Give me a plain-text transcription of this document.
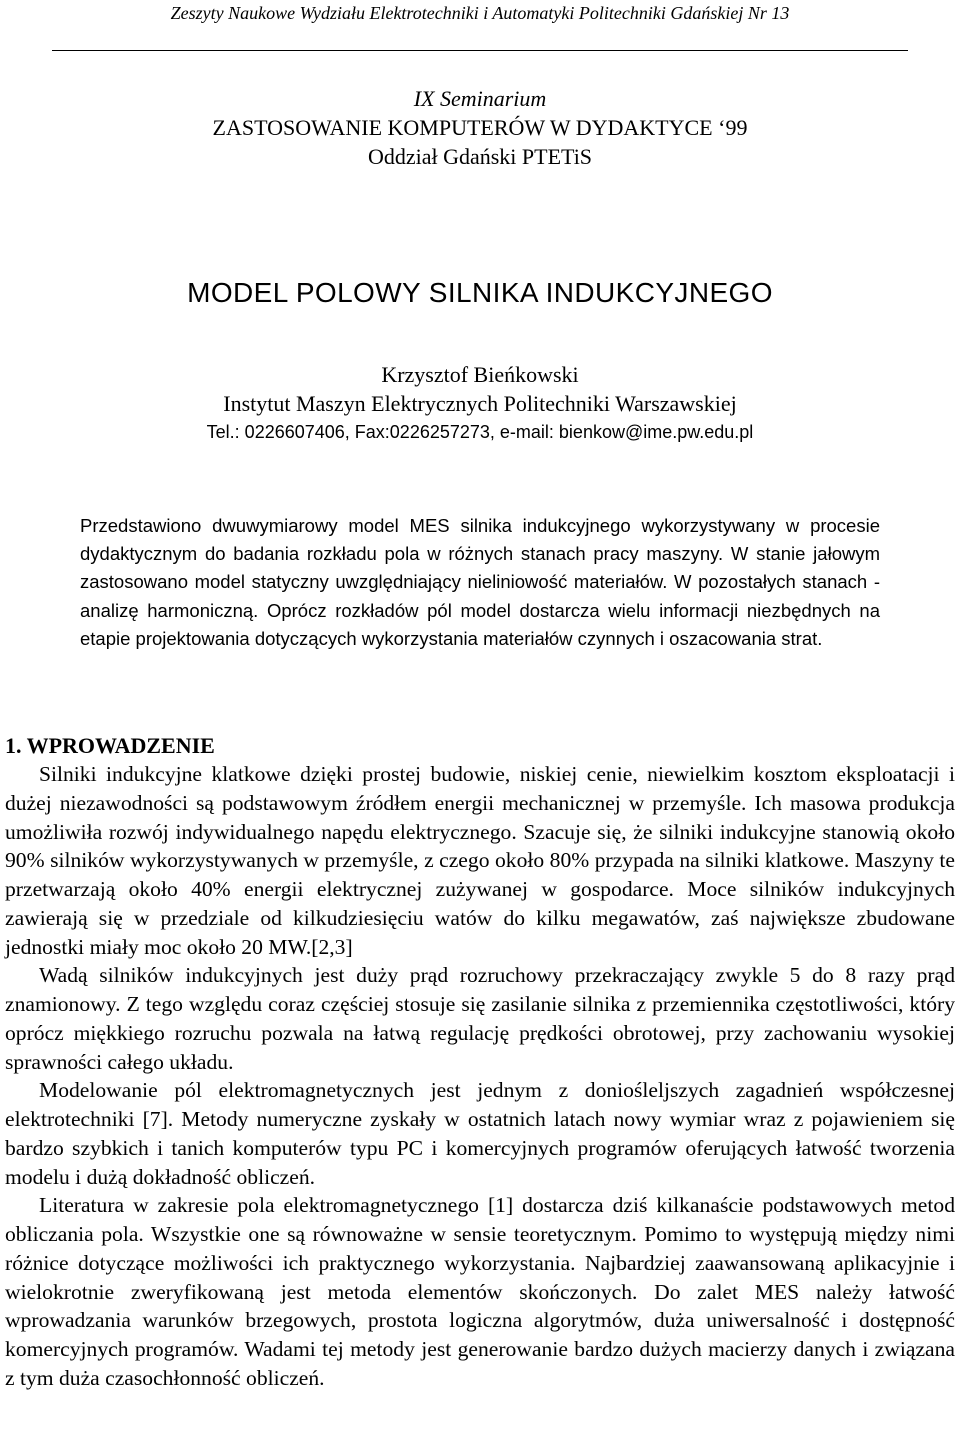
Zeszyty Naukowe Wydziału Elektrotechniki i Automatyki Politechniki Gdańskiej Nr 13
IX Seminarium
ZASTOSOWANIE KOMPUTERÓW W DYDAKTYCE ‘99
Oddział Gdański PTETiS
MODEL POLOWY SILNIKA INDUKCYJNEGO
Krzysztof Bieńkowski
Instytut Maszyn Elektrycznych Politechniki Warszawskiej
Tel.: 0226607406, Fax:0226257273, e-mail: bienkow@ime.pw.edu.pl

Przedstawiono dwuwymiarowy model MES silnika indukcyjnego wykorzystywany w procesie dydaktycznym do badania rozkładu pola w różnych stanach pracy maszyny. W stanie jałowym zastosowano model statyczny uwzględniający nieliniowość materiałów. W pozostałych stanach - analizę harmoniczną. Oprócz rozkładów pól model dostarcza wielu informacji niezbędnych na etapie projektowania dotyczących wykorzystania materiałów czynnych i oszacowania strat.

1. WPROWADZENIE

Silniki indukcyjne klatkowe dzięki prostej budowie, niskiej cenie, niewielkim kosztom eksploatacji i dużej niezawodności są podstawowym źródłem energii mechanicznej w przemyśle. Ich masowa produkcja umożliwiła rozwój indywidualnego napędu elektrycznego. Szacuje się, że silniki indukcyjne stanowią około 90% silników wykorzystywanych w przemyśle, z czego około 80% przypada na silniki klatkowe. Maszyny te przetwarzają około 40% energii elektrycznej zużywanej w gospodarce. Moce silników indukcyjnych zawierają się w przedziale od kilkudziesięciu watów do kilku megawatów, zaś największe zbudowane jednostki miały moc około 20 MW.[2,3]

Wadą silników indukcyjnych jest duży prąd rozruchowy przekraczający zwykle 5 do 8 razy prąd znamionowy. Z tego względu coraz częściej stosuje się zasilanie silnika z przemiennika częstotliwości, który oprócz miękkiego rozruchu pozwala na łatwą regulację prędkości obrotowej, przy zachowaniu wysokiej sprawności całego układu.

Modelowanie pól elektromagnetycznych jest jednym z doniośleljszych zagadnień współczesnej elektrotechniki [7]. Metody numeryczne zyskały w ostatnich latach nowy wymiar wraz z pojawieniem się bardzo szybkich i tanich komputerów typu PC i komercyjnych programów oferujących łatwość tworzenia modelu i dużą dokładność obliczeń.

Literatura w zakresie pola elektromagnetycznego [1] dostarcza dziś kilkanaście podstawowych metod obliczania pola. Wszystkie one są równoważne w sensie teoretycznym. Pomimo to występują między nimi różnice dotyczące możliwości ich praktycznego wykorzystania. Najbardziej zaawansowaną aplikacyjnie i wielokrotnie zweryfikowaną jest metoda elementów skończonych. Do zalet MES należy łatwość wprowadzania warunków brzegowych, prostota logiczna algorytmów, duża uniwersalność i dostępność komercyjnych programów. Wadami tej metody jest generowanie bardzo dużych macierzy danych i związana z tym duża czasochłonność obliczeń.
